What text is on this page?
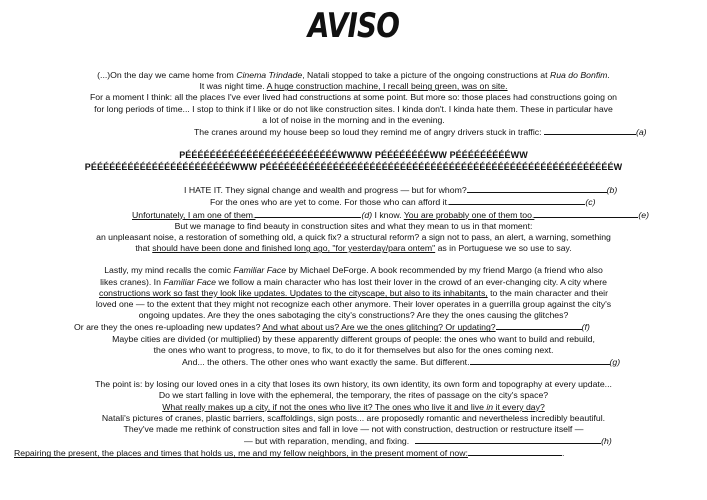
AVISO

(...)On the day we came home from Cinema Trindade, Natali stopped to take a picture of the ongoing constructions at Rua do Bonfim.

It was night time. A huge construction machine, I recall being green, was on site.

For a moment I think: all the places I've ever lived had constructions at some point. But more so: those places had constructions going on

for long periods of time... I stop to think if I like or do not like construction sites. I kinda don't. I kinda hate them. These in particular have

a lot of noise in the morning and in the evening.

The cranes around my house beep so loud they remind me of angry drivers stuck in traffic:	(a)

PÉÉÉÉÉÉÉÉÉÉÉÉÉÉÉÉÉÉÉÉÉÉÉÉÉWWWW PÉÉÉÉÉÉÉÉWW PÉÉÉÉÉÉÉÉÉWW

PÉÉÉÉÉÉÉÉÉÉÉÉÉÉÉÉÉÉÉÉÉÉÉWWW PÉÉÉÉÉÉÉÉÉÉÉÉÉÉÉÉÉÉÉÉÉÉÉÉÉÉÉÉÉÉÉÉÉÉÉÉÉÉÉÉÉÉÉÉÉÉÉÉÉÉÉÉÉÉÉÉÉW

I HATE IT. They signal change and wealth and progress — but for whom?	(b)

For the ones who are yet to come. For those who can afford it.	(c)

Unfortunately, I am one of them.	(d) I know. You are probably one of them too.	(e)

But we manage to find beauty in construction sites and what they mean to us in that moment:

an unpleasant noise, a restoration of something old, a quick fix? a structural reform? a sign not to pass, an alert, a warning, something

that should have been done and finished long ago, "for yesterday/para ontem" as in Portuguese we so use to say.

Lastly, my mind recalls the comic Familiar Face by Michael DeForge. A book recommended by my friend Margo (a friend who also

likes cranes). In Familiar Face we follow a main character who has lost their lover in the crowd of an ever-changing city. A city where

constructions work so fast they look like updates. Updates to the cityscape, but also to its inhabitants, to the main character and their

loved one — to the extent that they might not recognize each other anymore. Their lover operates in a guerrilla group against the city's

ongoing updates. Are they the ones sabotaging the city's constructions? Are they the ones causing the glitches?

Or are they the ones re-uploading new updates? And what about us? Are we the ones glitching? Or updating?	(f)

Maybe cities are divided (or multiplied) by these apparently different groups of people: the ones who want to build and rebuild,

the ones who want to progress, to move, to fix, to do it for themselves but also for the ones coming next.

And... the others. The other ones who want exactly the same. But different.	(g)

The point is: by losing our loved ones in a city that loses its own history, its own identity, its own form and topography at every update...

Do we start falling in love with the ephemeral, the temporary, the rites of passage on the city's space?

What really makes up a city, if not the ones who live it? The ones who live it and live in it every day?

Natali's pictures of cranes, plastic barriers, scaffoldings, sign posts... are proposedly romantic and nevertheless incredibly beautiful.

They've made me rethink of construction sites and fall in love — not with construction, destruction or restructure itself —

— but with reparation, mending, and fixing.	(h)

Repairing the present, the places and times that holds us, me and my fellow neighbors, in the present moment of now:	.
